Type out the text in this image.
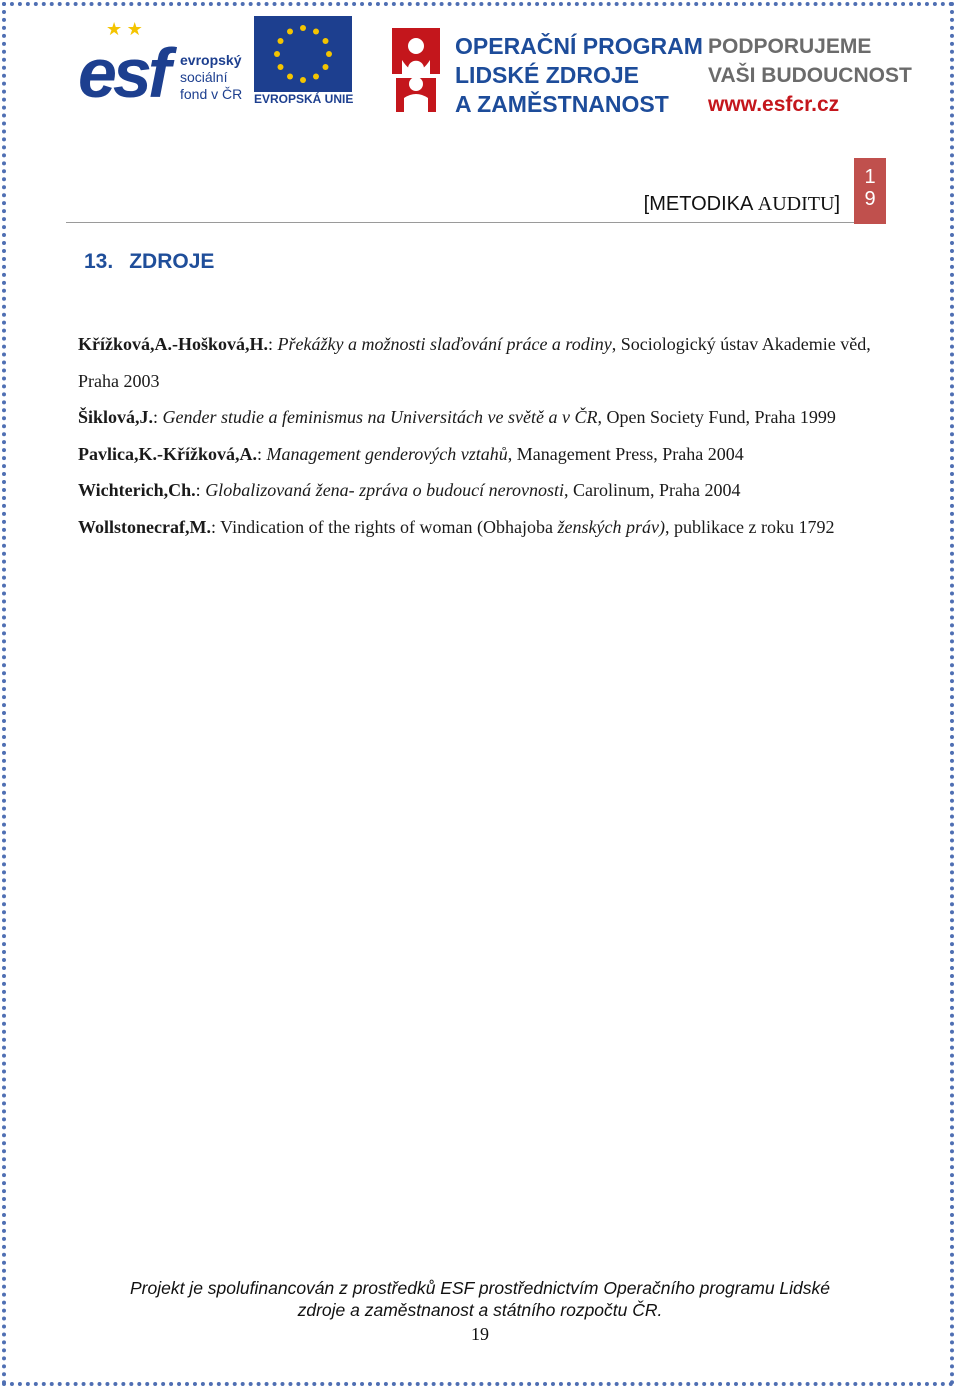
★ ★
esf evropský
sociální
fond v ČR EVROPSKÁ UNIE
OPERAČNÍ PROGRAM
LIDSKÉ ZDROJE
A ZAMĚSTNANOST
PODPORUJEME
VAŠI BUDOUCNOST
www.esfcr.cz
[METODIKA AUDITU]
1
9
13. ZDROJE

Křížková,A.-Hošková,H.: Překážky a možnosti slaďování práce a rodiny, Sociologický ústav Akademie věd, Praha 2003

Šiklová,J.: Gender studie a feminismus na Universitách ve světě a v ČR, Open Society Fund, Praha 1999

Pavlica,K.-Křížková,A.: Management genderových vztahů, Management Press, Praha 2004

Wichterich,Ch.: Globalizovaná žena- zpráva o budoucí nerovnosti, Carolinum, Praha 2004

Wollstonecraf,M.: Vindication of the rights of woman (Obhajoba ženských práv), publikace z roku 1792

Projekt je spolufinancován z prostředků ESF prostřednictvím Operačního programu Lidské
zdroje a zaměstnanost a státního rozpočtu ČR.
19
